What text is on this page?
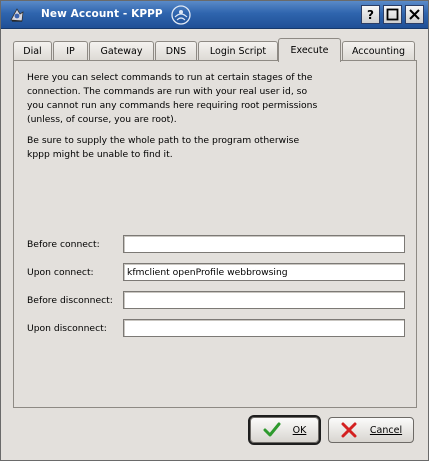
New Account - KPPP	?
Dial	IP	Gateway DNS Login Script	Execute Accounting

Here you can select commands to run at certain stages of the
connection. The commands are run with your real user id, so
you cannot run any commands here requiring root permissions
(unless, of course, you are root).

Be sure to supply the whole path to the program otherwise
kppp might be unable to find it.

Before connect:
Upon connect:
kfmclient openProfile webbrowsing
Before disconnect:
Upon disconnect:
OK	Cancel
